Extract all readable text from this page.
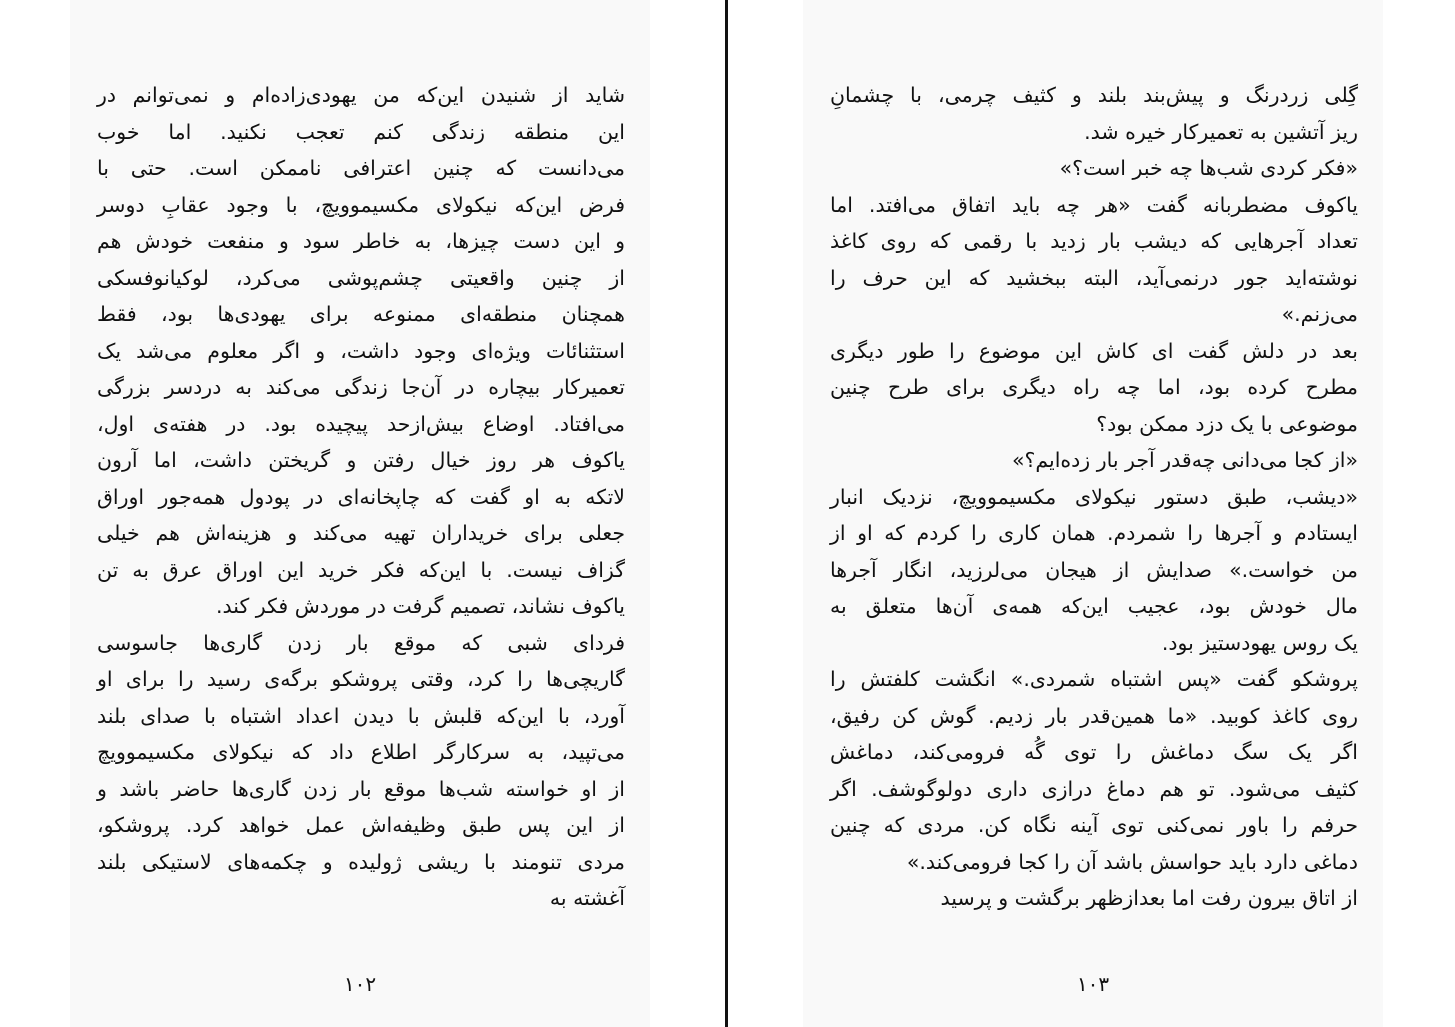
شاید از شنیدن این‌که من یهودی‌زاده‌ام و نمی‌توانم در
این منطقه زندگی کنم تعجب نکنید. اما خوب
می‌دانست که چنین اعترافی ناممکن است. حتی با
فرض این‌که نیکولای مکسیموویچ، با وجود عقابِ دوسر
و این دست چیزها، به خاطر سود و منفعت خودش هم
از چنین واقعیتی چشم‌پوشی می‌کرد، لوکیانوفسکی
همچنان منطقه‌ای ممنوعه برای یهودی‌ها بود، فقط
استثنائات ویژه‌ای وجود داشت، و اگر معلوم می‌شد یک
تعمیرکار بیچاره در آن‌جا زندگی می‌کند به دردسر بزرگی
می‌افتاد. اوضاع بیش‌ازحد پیچیده بود. در هفته‌ی اول،
یاکوف هر روز خیال رفتن و گریختن داشت، اما آرون
لاتکه به او گفت که چاپخانه‌ای در پودول همه‌جور اوراق
جعلی برای خریداران تهیه می‌کند و هزینه‌اش هم خیلی
گزاف نیست. با این‌که فکر خرید این اوراق عرق به تن
یاکوف نشاند، تصمیم گرفت در موردش فکر کند.
فردای شبی که موقع بار زدن گاری‌ها جاسوسی
گاریچی‌ها را کرد، وقتی پروشکو برگه‌ی رسید را برای او
آورد، با این‌که قلبش با دیدن اعداد اشتباه با صدای بلند
می‌تپید، به سرکارگر اطلاع داد که نیکولای مکسیموویچ
از او خواسته شب‌ها موقع بار زدن گاری‌ها حاضر باشد و
از این پس طبق وظیفه‌اش عمل خواهد کرد. پروشکو،
مردی تنومند با ریشی ژولیده و چکمه‌های لاستیکی بلند
آغشته به
۱۰۲
گِلی زردرنگ و پیش‌بند بلند و کثیف چرمی، با چشمانِ
ریز آتشین به تعمیرکار خیره شد.
«فکر کردی شب‌ها چه خبر است؟»
یاکوف مضطربانه گفت «هر چه باید اتفاق می‌افتد. اما
تعداد آجرهایی که دیشب بار زدید با رقمی که روی کاغذ
نوشته‌اید جور درنمی‌آید، البته ببخشید که این حرف را
می‌زنم.»
بعد در دلش گفت ای کاش این موضوع را طور دیگری
مطرح کرده بود، اما چه راه دیگری برای طرح چنین
موضوعی با یک دزد ممکن بود؟
«از کجا می‌دانی چه‌قدر آجر بار زده‌ایم؟»
«دیشب، طبق دستور نیکولای مکسیموویچ، نزدیک انبار
ایستادم و آجرها را شمردم. همان کاری را کردم که او از
من خواست.» صدایش از هیجان می‌لرزید، انگار آجرها
مال خودش بود، عجیب این‌که همه‌ی آن‌ها متعلق به
یک روس یهودستیز بود.
پروشکو گفت «پس اشتباه شمردی.» انگشت کلفتش را
روی کاغذ کوبید. «ما همین‌قدر بار زدیم. گوش کن رفیق،
اگر یک سگ دماغش را توی گُه فرومی‌کند، دماغش
کثیف می‌شود. تو هم دماغ درازی داری دولوگوشف. اگر
حرفم را باور نمی‌کنی توی آینه نگاه کن. مردی که چنین
دماغی دارد باید حواسش باشد آن را کجا فرومی‌کند.»
از اتاق بیرون رفت اما بعدازظهر برگشت و پرسید
۱۰۳
